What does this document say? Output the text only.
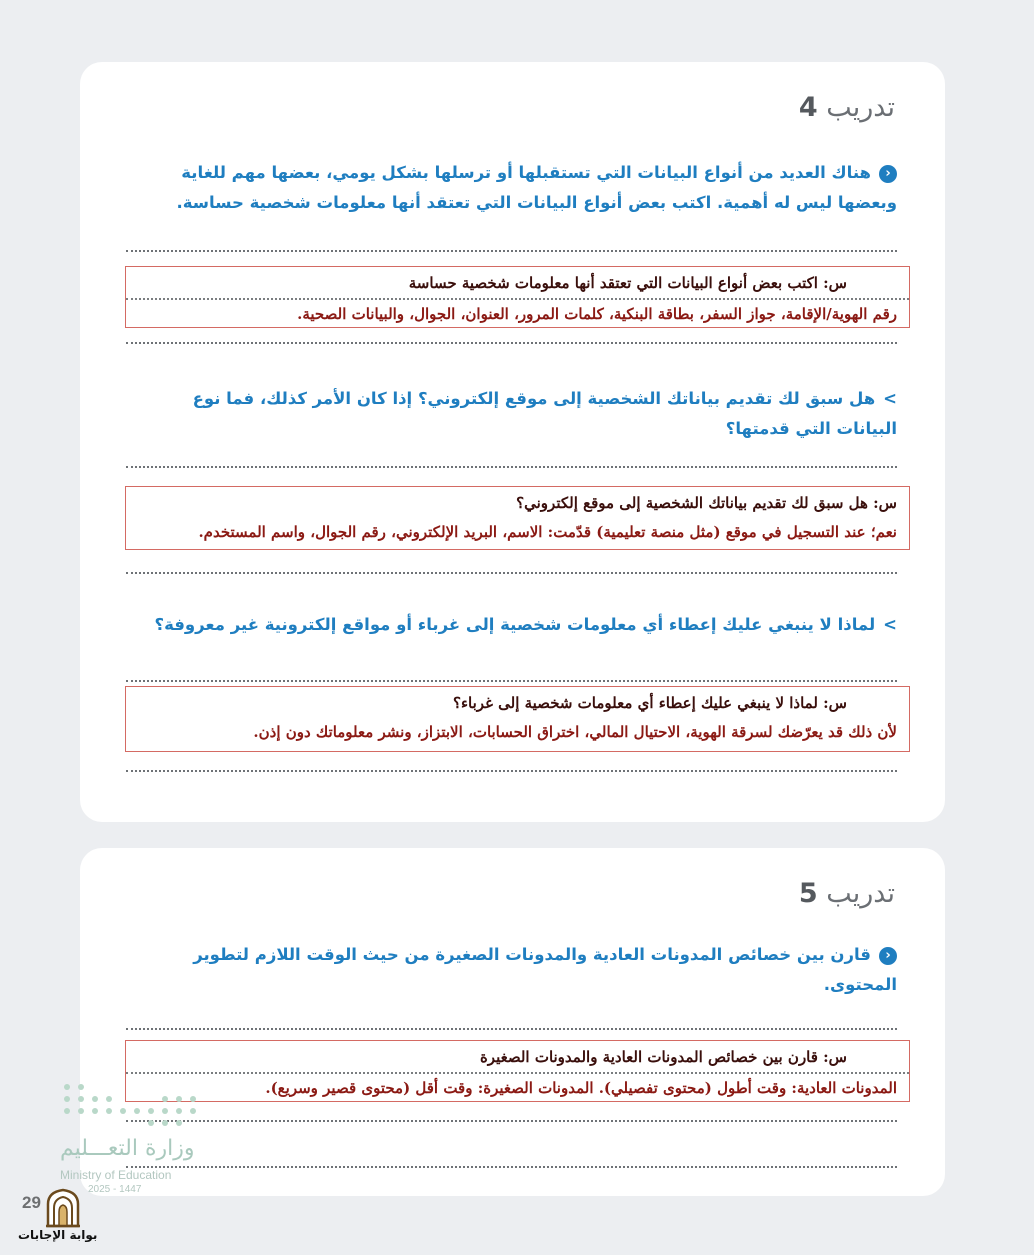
تدريب 4

‹هناك العديد من أنواع البيانات التي تستقبلها أو ترسلها بشكل يومي، بعضها مهم للغاية وبعضها ليس له أهمية. اكتب بعض أنواع البيانات التي تعتقد أنها معلومات شخصية حساسة.

س: اكتب بعض أنواع البيانات التي تعتقد أنها معلومات شخصية حساسة
رقم الهوية/الإقامة، جواز السفر، بطاقة البنكية، كلمات المرور، العنوان، الجوال، والبيانات الصحية.

>هل سبق لك تقديم بياناتك الشخصية إلى موقع إلكتروني؟ إذا كان الأمر كذلك، فما نوع البيانات التي قدمتها؟

س: هل سبق لك تقديم بياناتك الشخصية إلى موقع إلكتروني؟
نعم؛ عند التسجيل في موقع (مثل منصة تعليمية) قدّمت: الاسم، البريد الإلكتروني، رقم الجوال، واسم المستخدم.

>لماذا لا ينبغي عليك إعطاء أي معلومات شخصية إلى غرباء أو مواقع إلكترونية غير معروفة؟

س: لماذا لا ينبغي عليك إعطاء أي معلومات شخصية إلى غرباء؟
لأن ذلك قد يعرّضك لسرقة الهوية، الاحتيال المالي، اختراق الحسابات، الابتزاز، ونشر معلوماتك دون إذن.
تدريب 5

‹قارن بين خصائص المدونات العادية والمدونات الصغيرة من حيث الوقت اللازم لتطوير المحتوى.

س: قارن بين خصائص المدونات العادية والمدونات الصغيرة
المدونات العادية: وقت أطول (محتوى تفصيلي). المدونات الصغيرة: وقت أقل (محتوى قصير وسريع).
وزارة التعـــليم
Ministry of Education
2025 - 1447
29
بوابة الإجابات
